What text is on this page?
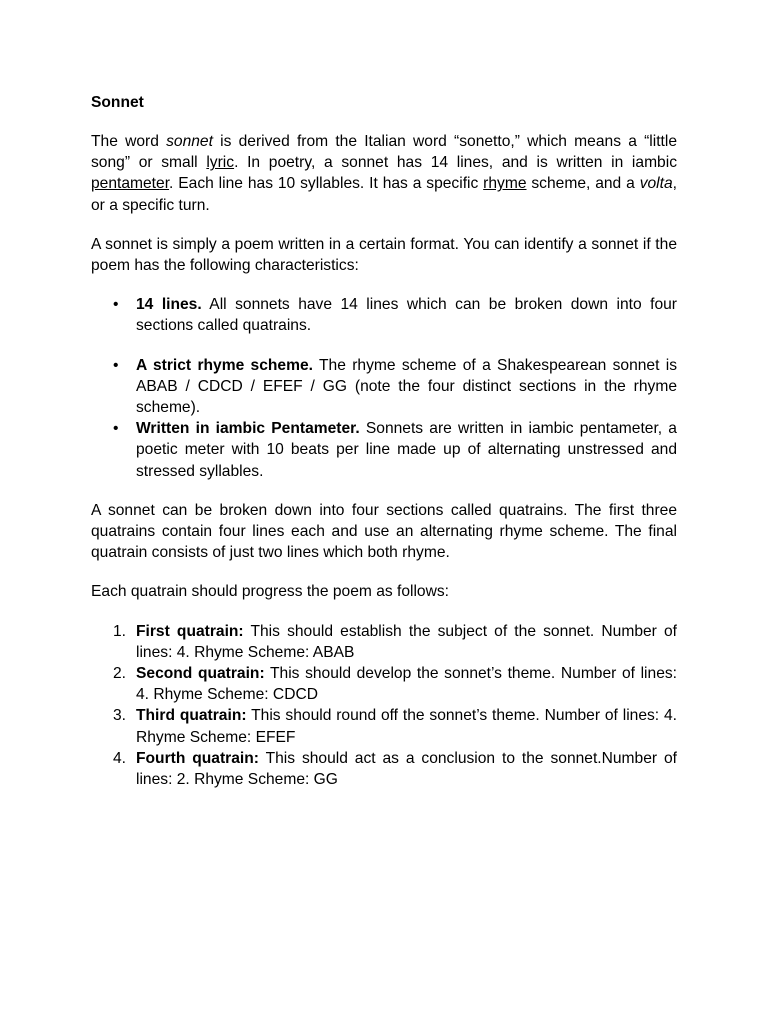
Sonnet

The word sonnet is derived from the Italian word “sonetto,” which means a “little song” or small lyric. In poetry, a sonnet has 14 lines, and is written in iambic pentameter. Each line has 10 syllables. It has a specific rhyme scheme, and a volta, or a specific turn.

A sonnet is simply a poem written in a certain format. You can identify a sonnet if the poem has the following characteristics:

• 14 lines. All sonnets have 14 lines which can be broken down into four sections called quatrains.
• A strict rhyme scheme. The rhyme scheme of a Shakespearean sonnet is ABAB / CDCD / EFEF / GG (note the four distinct sections in the rhyme scheme).
• Written in iambic Pentameter. Sonnets are written in iambic pentameter, a poetic meter with 10 beats per line made up of alternating unstressed and stressed syllables.

A sonnet can be broken down into four sections called quatrains. The first three quatrains contain four lines each and use an alternating rhyme scheme. The final quatrain consists of just two lines which both rhyme.

Each quatrain should progress the poem as follows:

1. First quatrain: This should establish the subject of the sonnet. Number of lines: 4. Rhyme Scheme: ABAB
2. Second quatrain: This should develop the sonnet’s theme. Number of lines: 4. Rhyme Scheme: CDCD
3. Third quatrain: This should round off the sonnet’s theme. Number of lines: 4. Rhyme Scheme: EFEF
4. Fourth quatrain: This should act as a conclusion to the sonnet.Number of lines: 2. Rhyme Scheme: GG
